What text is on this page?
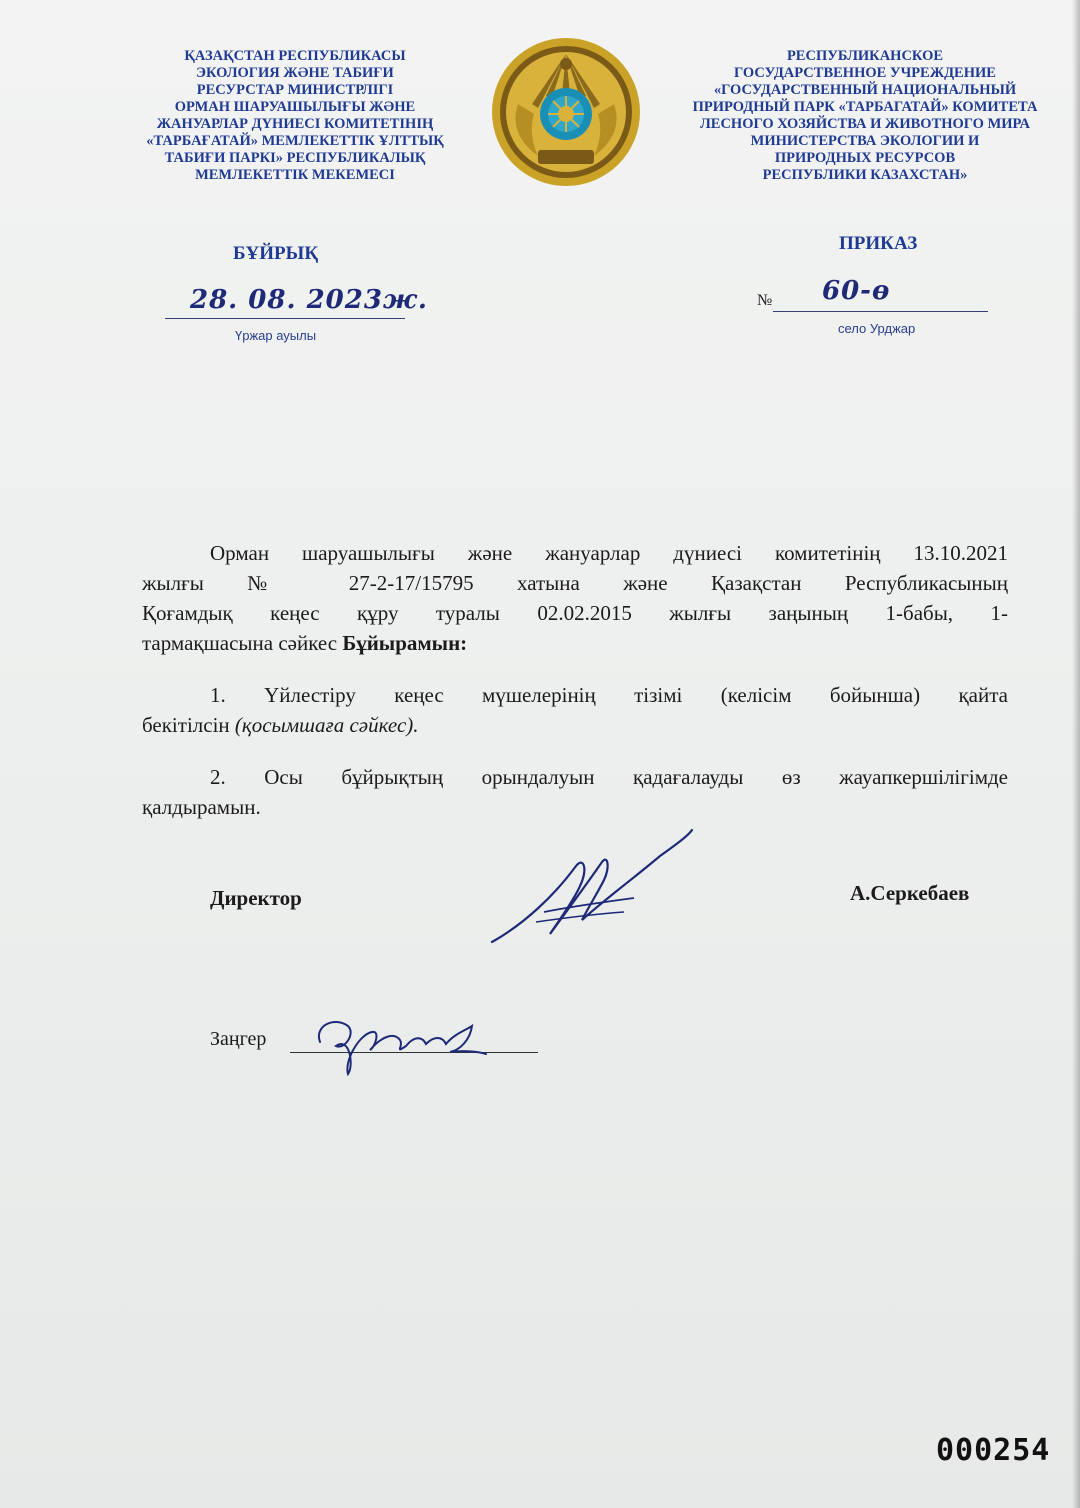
ҚАЗАҚСТАН РЕСПУБЛИКАСЫ
ЭКОЛОГИЯ ЖӘНЕ ТАБИҒИ
РЕСУРСТАР МИНИСТРЛІГІ
ОРМАН ШАРУАШЫЛЫҒЫ ЖӘНЕ
ЖАНУАРЛАР ДҮНИЕСІ КОМИТЕТІНІҢ
«ТАРБАҒАТАЙ» МЕМЛЕКЕТТІК ҰЛТТЫҚ
ТАБИҒИ ПАРКІ» РЕСПУБЛИКАЛЫҚ
МЕМЛЕКЕТТІК МЕКЕМЕСІ
РЕСПУБЛИКАНСКОЕ
ГОСУДАРСТВЕННОЕ УЧРЕЖДЕНИЕ
«ГОСУДАРСТВЕННЫЙ НАЦИОНАЛЬНЫЙ
ПРИРОДНЫЙ ПАРК «ТАРБАГАТАЙ» КОМИТЕТА
ЛЕСНОГО ХОЗЯЙСТВА И ЖИВОТНОГО МИРА
МИНИСТЕРСТВА ЭКОЛОГИИ И
ПРИРОДНЫХ РЕСУРСОВ
РЕСПУБЛИКИ КАЗАХСТАН»
БҰЙРЫҚ	ПРИКАЗ
28. 08. 2023ж.
Үржар ауылы
№ 60-ө
село Урджар

Орман шаруашылығы және жануарлар дүниесі комитетінің 13.10.2021

жылғы № 27-2-17/15795 хатына және Қазақстан Республикасының

Қоғамдық кеңес құру туралы 02.02.2015 жылғы заңының 1-бабы, 1-

тармақшасына сәйкес Бұйырамын:

1. Үйлестіру кеңес мүшелерінің тізімі (келісім бойынша) қайта

бекітілсін (қосымшаға сәйкес).

2. Осы бұйрықтың орындалуын қадағалауды өз жауапкершілігімде

қалдырамын.

Директор	А.Серкебаев
Заңгер
000254
